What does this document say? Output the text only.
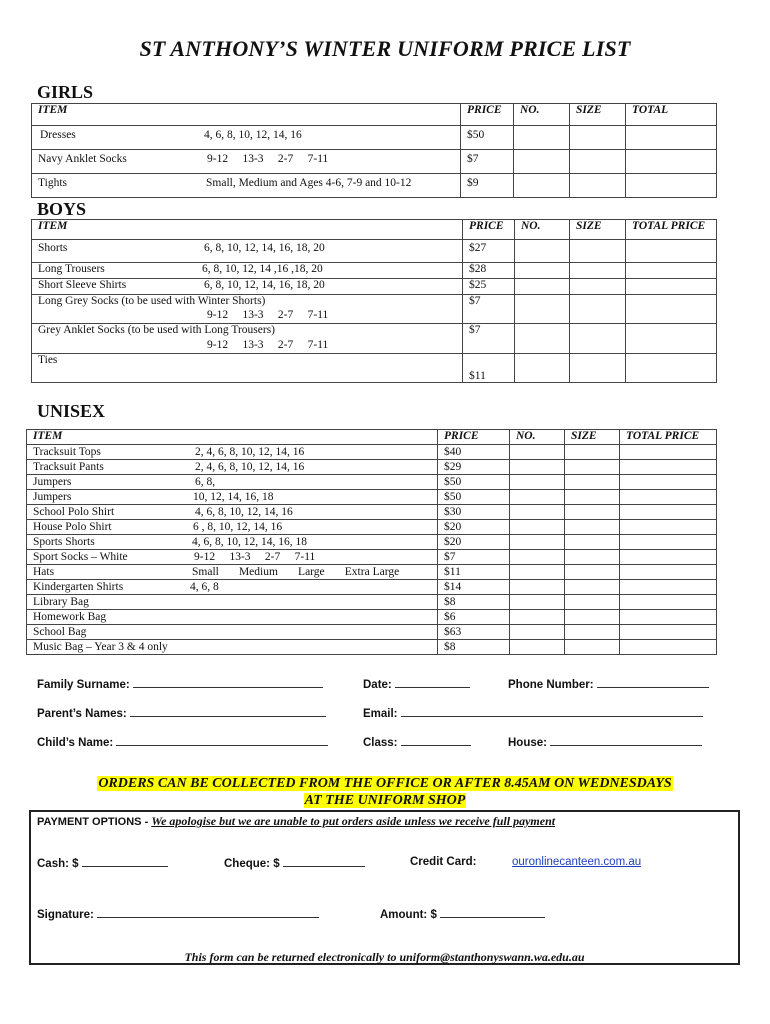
ST ANTHONY’S WINTER UNIFORM PRICE LIST
GIRLS
ITEM	PRICE	NO.	SIZE	TOTAL
Dresses 4, 6, 8, 10, 12, 14, 16	$50			
Navy Anklet Socks 9-12     13-3     2-7     7-11	$7			
Tights Small, Medium and Ages 4-6, 7-9 and 10-12	$9			
BOYS
ITEM	PRICE	NO.	SIZE	TOTAL PRICE
Shorts 6, 8, 10, 12, 14, 16, 18, 20	$27			
Long Trousers 6, 8, 10, 12, 14 ,16 ,18, 20	$28			
Short Sleeve Shirts 6, 8, 10, 12, 14, 16, 18, 20	$25			
Long Grey Socks (to be used with Winter Shorts)
9-12     13-3     2-7     7-11	$7			
Grey Anklet Socks (to be used with Long Trousers)
9-12     13-3     2-7     7-11	$7			
Ties	$11			
UNISEX
ITEM	PRICE	NO.	SIZE	TOTAL PRICE
Tracksuit Tops 2, 4, 6, 8, 10, 12, 14, 16	$40			
Tracksuit Pants 2, 4, 6, 8, 10, 12, 14, 16	$29			
Jumpers 6, 8,	$50			
Jumpers 10, 12, 14, 16, 18	$50			
School Polo Shirt 4, 6, 8, 10, 12, 14, 16	$30			
House Polo Shirt 6 , 8, 10, 12, 14, 16	$20			
Sports Shorts 4, 6, 8, 10, 12, 14, 16, 18	$20			
Sport Socks – White 9-12     13-3     2-7     7-11	$7			
Hats Small       Medium       Large       Extra Large	$11			
Kindergarten Shirts 4, 6, 8	$14			
Library Bag	$8			
Homework Bag	$6			
School Bag	$63			
Music Bag – Year 3 & 4 only	$8			
Family Surname:	Date:	Phone Number:
Parent’s Names:	Email:
Child’s Name:	Class:	House:
ORDERS CAN BE COLLECTED FROM THE OFFICE OR AFTER 8.45AM ON WEDNESDAYS
AT THE UNIFORM SHOP
PAYMENT OPTIONS - We apologise but we are unable to put orders aside unless we receive full payment
Cash: $	Cheque: $	Credit Card:	ouronlinecanteen.com.au
Signature:	Amount: $
This form can be returned electronically to uniform@stanthonyswann.wa.edu.au
